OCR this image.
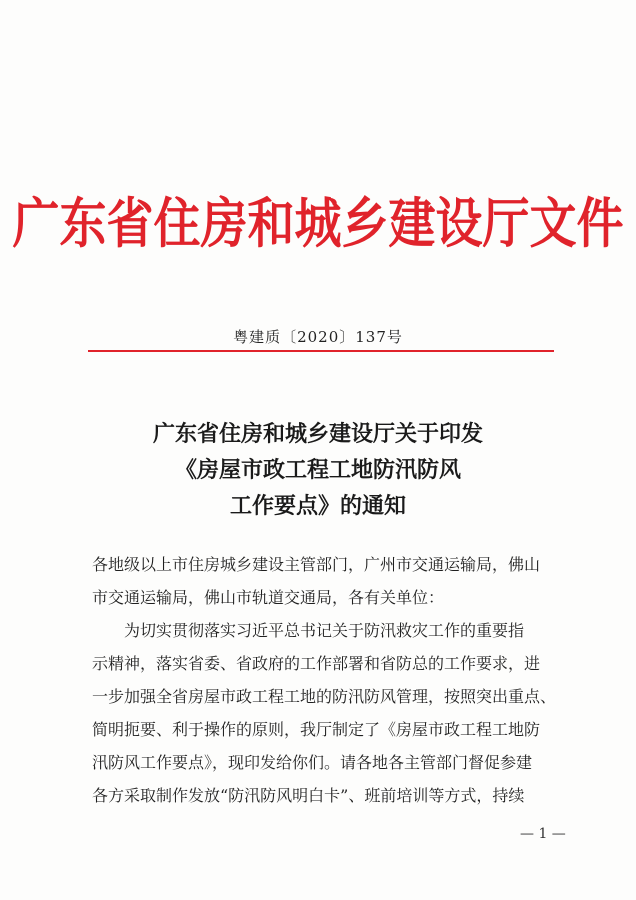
广东省住房和城乡建设厅文件
粤建质〔2020〕137号
广东省住房和城乡建设厅关于印发
《房屋市政工程工地防汛防风
工作要点》的通知

各地级以上市住房城乡建设主管部门，广州市交通运输局，佛山

市交通运输局，佛山市轨道交通局，各有关单位：

为切实贯彻落实习近平总书记关于防汛救灾工作的重要指

示精神，落实省委、省政府的工作部署和省防总的工作要求，进

一步加强全省房屋市政工程工地的防汛防风管理，按照突出重点、

简明扼要、利于操作的原则，我厅制定了《房屋市政工程工地防

汛防风工作要点》，现印发给你们。请各地各主管部门督促参建

各方采取制作发放“防汛防风明白卡”、班前培训等方式，持续

— 1 —
